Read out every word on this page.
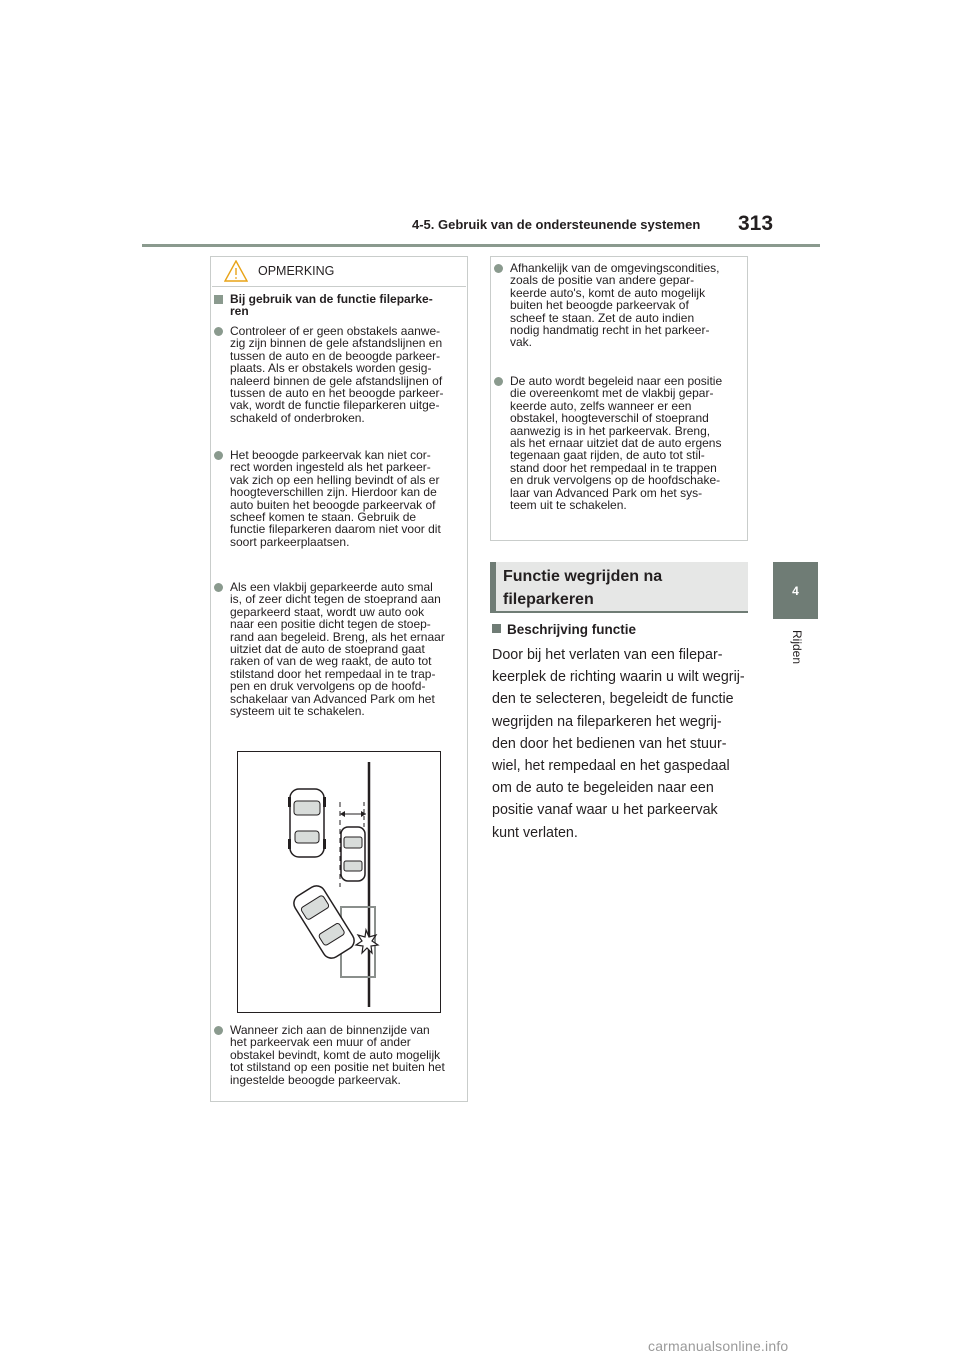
4-5. Gebruik van de ondersteunende systemen 313
4
Rijden
OPMERKING
Bij gebruik van de functie fileparke-
ren
Controleer of er geen obstakels aanwe-
zig zijn binnen de gele afstandslijnen en
tussen de auto en de beoogde parkeer-
plaats. Als er obstakels worden gesig-
naleerd binnen de gele afstandslijnen of
tussen de auto en het beoogde parkeer-
vak, wordt de functie fileparkeren uitge-
schakeld of onderbroken.
Het beoogde parkeervak kan niet cor-
rect worden ingesteld als het parkeer-
vak zich op een helling bevindt of als er
hoogteverschillen zijn. Hierdoor kan de
auto buiten het beoogde parkeervak of
scheef komen te staan. Gebruik de
functie fileparkeren daarom niet voor dit
soort parkeerplaatsen.
Als een vlakbij geparkeerde auto smal
is, of zeer dicht tegen de stoeprand aan
geparkeerd staat, wordt uw auto ook
naar een positie dicht tegen de stoep-
rand aan begeleid. Breng, als het ernaar
uitziet dat de auto de stoeprand gaat
raken of van de weg raakt, de auto tot
stilstand door het rempedaal in te trap-
pen en druk vervolgens op de hoofd-
schakelaar van Advanced Park om het
systeem uit te schakelen.
Wanneer zich aan de binnenzijde van
het parkeervak een muur of ander
obstakel bevindt, komt de auto mogelijk
tot stilstand op een positie net buiten het
ingestelde beoogde parkeervak.
Afhankelijk van de omgevingscondities,
zoals de positie van andere gepar-
keerde auto's, komt de auto mogelijk
buiten het beoogde parkeervak of
scheef te staan. Zet de auto indien
nodig handmatig recht in het parkeer-
vak.
De auto wordt begeleid naar een positie
die overeenkomt met de vlakbij gepar-
keerde auto, zelfs wanneer er een
obstakel, hoogteverschil of stoeprand
aanwezig is in het parkeervak. Breng,
als het ernaar uitziet dat de auto ergens
tegenaan gaat rijden, de auto tot stil-
stand door het rempedaal in te trappen
en druk vervolgens op de hoofdschake-
laar van Advanced Park om het sys-
teem uit te schakelen.
Functie wegrijden na
fileparkeren
Beschrijving functie
Door bij het verlaten van een filepar-
keerplek de richting waarin u wilt wegrij-
den te selecteren, begeleidt de functie
wegrijden na fileparkeren het wegrij-
den door het bedienen van het stuur-
wiel, het rempedaal en het gaspedaal
om de auto te begeleiden naar een
positie vanaf waar u het parkeervak
kunt verlaten.
carmanualsonline.info
